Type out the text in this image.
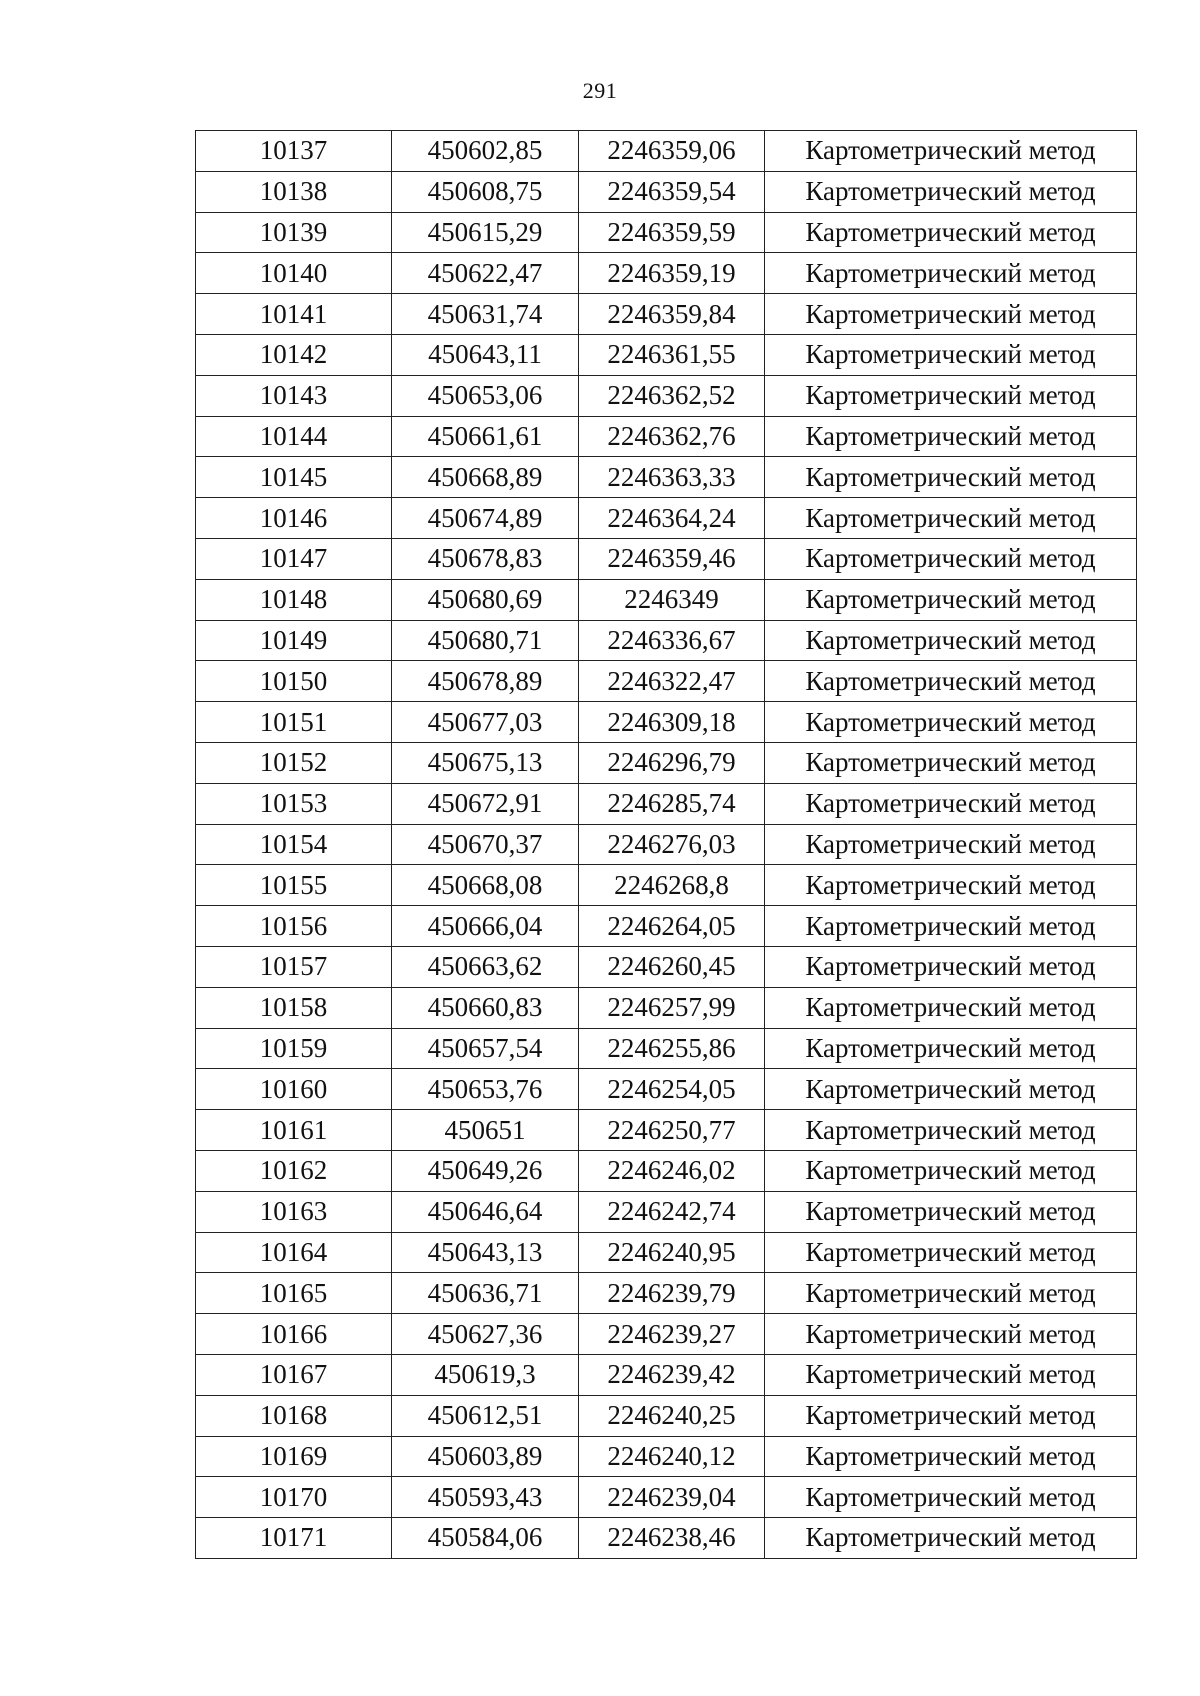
291
10137	450602,85	2246359,06	Картометрический метод
10138	450608,75	2246359,54	Картометрический метод
10139	450615,29	2246359,59	Картометрический метод
10140	450622,47	2246359,19	Картометрический метод
10141	450631,74	2246359,84	Картометрический метод
10142	450643,11	2246361,55	Картометрический метод
10143	450653,06	2246362,52	Картометрический метод
10144	450661,61	2246362,76	Картометрический метод
10145	450668,89	2246363,33	Картометрический метод
10146	450674,89	2246364,24	Картометрический метод
10147	450678,83	2246359,46	Картометрический метод
10148	450680,69	2246349	Картометрический метод
10149	450680,71	2246336,67	Картометрический метод
10150	450678,89	2246322,47	Картометрический метод
10151	450677,03	2246309,18	Картометрический метод
10152	450675,13	2246296,79	Картометрический метод
10153	450672,91	2246285,74	Картометрический метод
10154	450670,37	2246276,03	Картометрический метод
10155	450668,08	2246268,8	Картометрический метод
10156	450666,04	2246264,05	Картометрический метод
10157	450663,62	2246260,45	Картометрический метод
10158	450660,83	2246257,99	Картометрический метод
10159	450657,54	2246255,86	Картометрический метод
10160	450653,76	2246254,05	Картометрический метод
10161	450651	2246250,77	Картометрический метод
10162	450649,26	2246246,02	Картометрический метод
10163	450646,64	2246242,74	Картометрический метод
10164	450643,13	2246240,95	Картометрический метод
10165	450636,71	2246239,79	Картометрический метод
10166	450627,36	2246239,27	Картометрический метод
10167	450619,3	2246239,42	Картометрический метод
10168	450612,51	2246240,25	Картометрический метод
10169	450603,89	2246240,12	Картометрический метод
10170	450593,43	2246239,04	Картометрический метод
10171	450584,06	2246238,46	Картометрический метод
